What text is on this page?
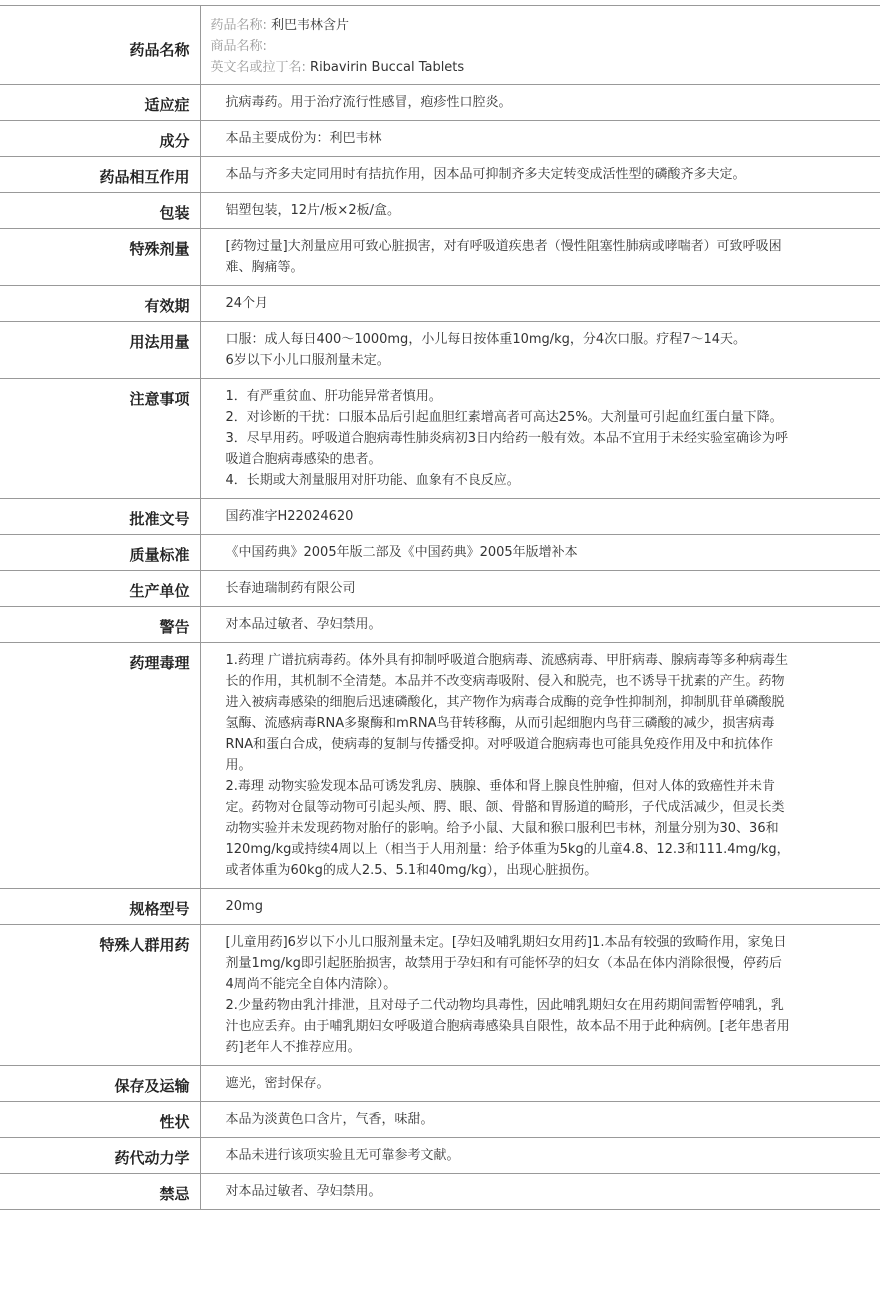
药品名称	药品名称: 利巴韦林含片
商品名称:
英文名或拉丁名: Ribavirin Buccal Tablets

适应症	抗病毒药。用于治疗流行性感冒，疱疹性口腔炎。

成分	本品主要成份为：利巴韦林

药品相互作用	本品与齐多夫定同用时有拮抗作用，因本品可抑制齐多夫定转变成活性型的磷酸齐多夫定。

包装	铝塑包装，12片/板×2板/盒。

特殊剂量	[药物过量]大剂量应用可致心脏损害，对有呼吸道疾患者（慢性阻塞性肺病或哮喘者）可致呼吸困难、胸痛等。

有效期	24个月

用法用量	口服：成人每日400～1000mg，小儿每日按体重10mg/kg，分4次口服。疗程7～14天。
6岁以下小儿口服剂量未定。

注意事项	1．有严重贫血、肝功能异常者慎用。
2．对诊断的干扰：口服本品后引起血胆红素增高者可高达25%。大剂量可引起血红蛋白量下降。
3．尽早用药。呼吸道合胞病毒性肺炎病初3日内给药一般有效。本品不宜用于未经实验室确诊为呼吸道合胞病毒感染的患者。
4．长期或大剂量服用对肝功能、血象有不良反应。

批准文号	国药准字H22024620

质量标准	《中国药典》2005年版二部及《中国药典》2005年版增补本

生产单位	长春迪瑞制药有限公司

警告	对本品过敏者、孕妇禁用。

药理毒理	1.药理 广谱抗病毒药。体外具有抑制呼吸道合胞病毒、流感病毒、甲肝病毒、腺病毒等多种病毒生长的作用，其机制不全清楚。本品并不改变病毒吸附、侵入和脱壳，也不诱导干扰素的产生。药物进入被病毒感染的细胞后迅速磷酸化，其产物作为病毒合成酶的竞争性抑制剂，抑制肌苷单磷酸脱氢酶、流感病毒RNA多聚酶和mRNA鸟苷转移酶，从而引起细胞内鸟苷三磷酸的减少，损害病毒RNA和蛋白合成，使病毒的复制与传播受抑。对呼吸道合胞病毒也可能具免疫作用及中和抗体作用。
2.毒理 动物实验发现本品可诱发乳房、胰腺、垂体和肾上腺良性肿瘤，但对人体的致癌性并未肯定。药物对仓鼠等动物可引起头颅、腭、眼、颌、骨骼和胃肠道的畸形，子代成活减少，但灵长类动物实验并未发现药物对胎仔的影响。给予小鼠、大鼠和猴口服利巴韦林，剂量分别为30、36和120mg/kg或持续4周以上（相当于人用剂量：给予体重为5kg的儿童4.8、12.3和111.4mg/kg，或者体重为60kg的成人2.5、5.1和40mg/kg），出现心脏损伤。

规格型号	20mg

特殊人群用药	[儿童用药]6岁以下小儿口服剂量未定。[孕妇及哺乳期妇女用药]1.本品有较强的致畸作用，家兔日剂量1mg/kg即引起胚胎损害，故禁用于孕妇和有可能怀孕的妇女（本品在体内消除很慢，停药后4周尚不能完全自体内清除）。
2.少量药物由乳汁排泄，且对母子二代动物均具毒性，因此哺乳期妇女在用药期间需暂停哺乳，乳汁也应丢弃。由于哺乳期妇女呼吸道合胞病毒感染具自限性，故本品不用于此种病例。[老年患者用药]老年人不推荐应用。

保存及运输	遮光，密封保存。

性状	本品为淡黄色口含片，气香，味甜。

药代动力学	本品未进行该项实验且无可靠参考文献。

禁忌	对本品过敏者、孕妇禁用。
